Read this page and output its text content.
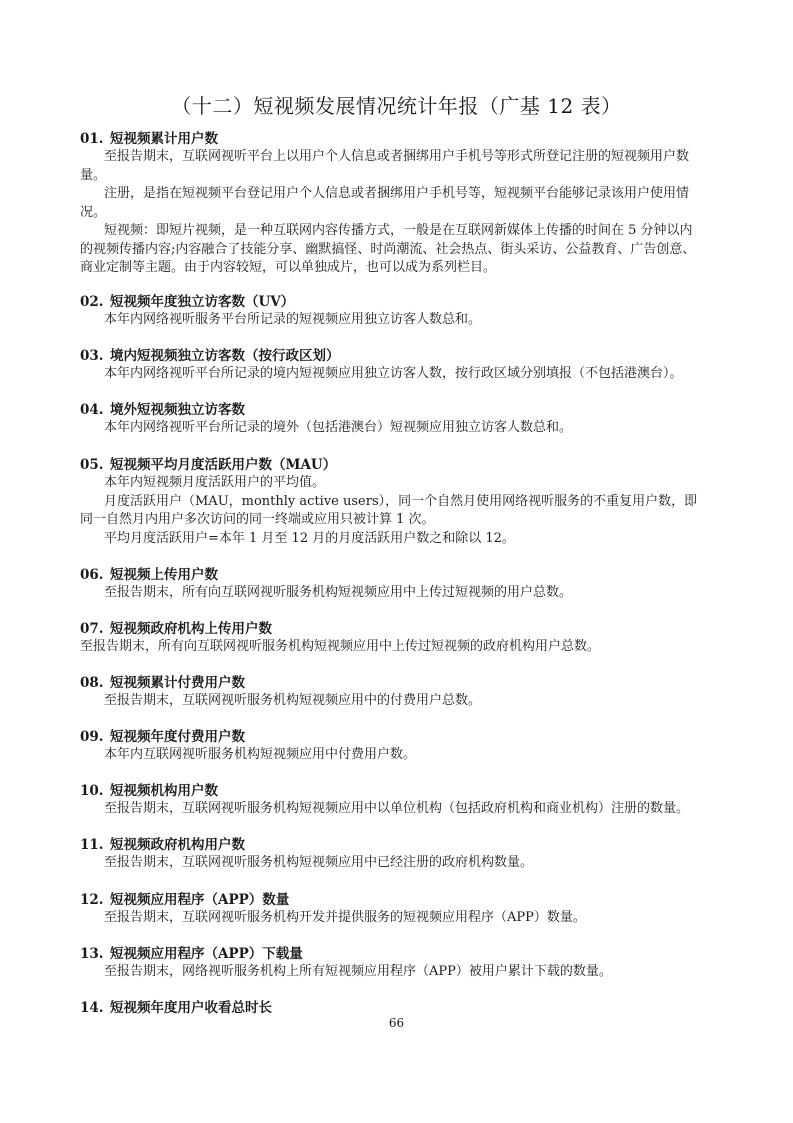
（十二）短视频发展情况统计年报（广基 12 表）
01. 短视频累计用户数
至报告期末，互联网视听平台上以用户个人信息或者捆绑用户手机号等形式所登记注册的短视频用户数
量。
注册，是指在短视频平台登记用户个人信息或者捆绑用户手机号等，短视频平台能够记录该用户使用情
况。
短视频：即短片视频，是一种互联网内容传播方式，一般是在互联网新媒体上传播的时间在 5 分钟以内
的视频传播内容;内容融合了技能分享、幽默搞怪、时尚潮流、社会热点、街头采访、公益教育、广告创意、
商业定制等主题。由于内容较短，可以单独成片，也可以成为系列栏目。
02. 短视频年度独立访客数（UV）
本年内网络视听服务平台所记录的短视频应用独立访客人数总和。
03. 境内短视频独立访客数（按行政区划）
本年内网络视听平台所记录的境内短视频应用独立访客人数，按行政区域分别填报（不包括港澳台）。
04. 境外短视频独立访客数
本年内网络视听平台所记录的境外（包括港澳台）短视频应用独立访客人数总和。
05. 短视频平均月度活跃用户数（MAU）
本年内短视频月度活跃用户的平均值。
月度活跃用户（MAU，monthly active users），同一个自然月使用网络视听服务的不重复用户数，即
同一自然月内用户多次访问的同一终端或应用只被计算 1 次。
平均月度活跃用户=本年 1 月至 12 月的月度活跃用户数之和除以 12。
06. 短视频上传用户数
至报告期末，所有向互联网视听服务机构短视频应用中上传过短视频的用户总数。
07. 短视频政府机构上传用户数
至报告期末，所有向互联网视听服务机构短视频应用中上传过短视频的政府机构用户总数。
08. 短视频累计付费用户数
至报告期末，互联网视听服务机构短视频应用中的付费用户总数。
09. 短视频年度付费用户数
本年内互联网视听服务机构短视频应用中付费用户数。
10. 短视频机构用户数
至报告期末，互联网视听服务机构短视频应用中以单位机构（包括政府机构和商业机构）注册的数量。
11. 短视频政府机构用户数
至报告期末，互联网视听服务机构短视频应用中已经注册的政府机构数量。
12. 短视频应用程序（APP）数量
至报告期末，互联网视听服务机构开发并提供服务的短视频应用程序（APP）数量。
13. 短视频应用程序（APP）下载量
至报告期末，网络视听服务机构上所有短视频应用程序（APP）被用户累计下载的数量。
14. 短视频年度用户收看总时长
66
